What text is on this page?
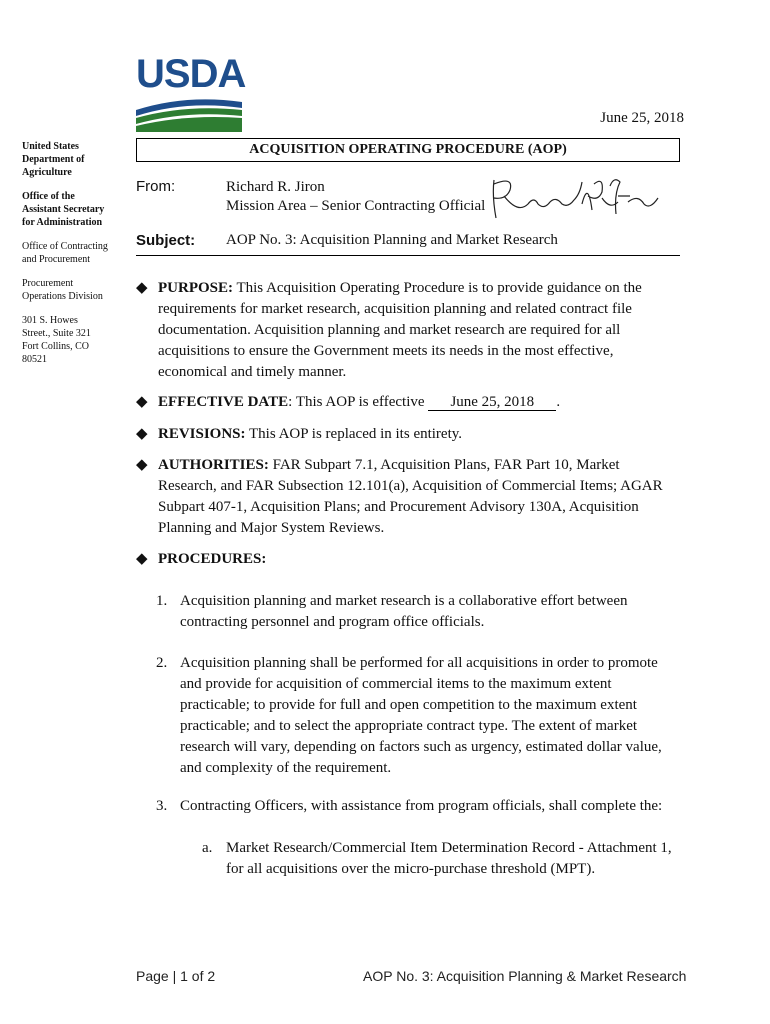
USDA
June 25, 2018
United States
Department of
Agriculture
Office of the
Assistant Secretary
for Administration
Office of Contracting
and Procurement
Procurement
Operations Division
301 S. Howes
Street., Suite 321
Fort Collins, CO
80521
ACQUISITION OPERATING PROCEDURE (AOP)
From:	Richard R. Jiron
Mission Area – Senior Contracting Official
Subject: AOP No. 3: Acquisition Planning and Market Research
◆ PURPOSE: This Acquisition Operating Procedure is to provide guidance on the requirements for market research, acquisition planning and related contract file documentation. Acquisition planning and market research are required for all acquisitions to ensure the Government meets its needs in the most effective, economical and timely manner.
◆ EFFECTIVE DATE: This AOP is effective June 25, 2018 .
◆ REVISIONS: This AOP is replaced in its entirety.
◆ AUTHORITIES: FAR Subpart 7.1, Acquisition Plans, FAR Part 10, Market Research, and FAR Subsection 12.101(a), Acquisition of Commercial Items; AGAR Subpart 407-1, Acquisition Plans; and Procurement Advisory 130A, Acquisition Planning and Major System Reviews.
◆ PROCEDURES:
1. Acquisition planning and market research is a collaborative effort between contracting personnel and program office officials.
2. Acquisition planning shall be performed for all acquisitions in order to promote and provide for acquisition of commercial items to the maximum extent practicable; to provide for full and open competition to the maximum extent practicable; and to select the appropriate contract type. The extent of market research will vary, depending on factors such as urgency, estimated dollar value, and complexity of the requirement.
3. Contracting Officers, with assistance from program officials, shall complete the:
a. Market Research/Commercial Item Determination Record - Attachment 1, for all acquisitions over the micro-purchase threshold (MPT).
Page | 1 of 2	AOP No. 3: Acquisition Planning & Market Research
